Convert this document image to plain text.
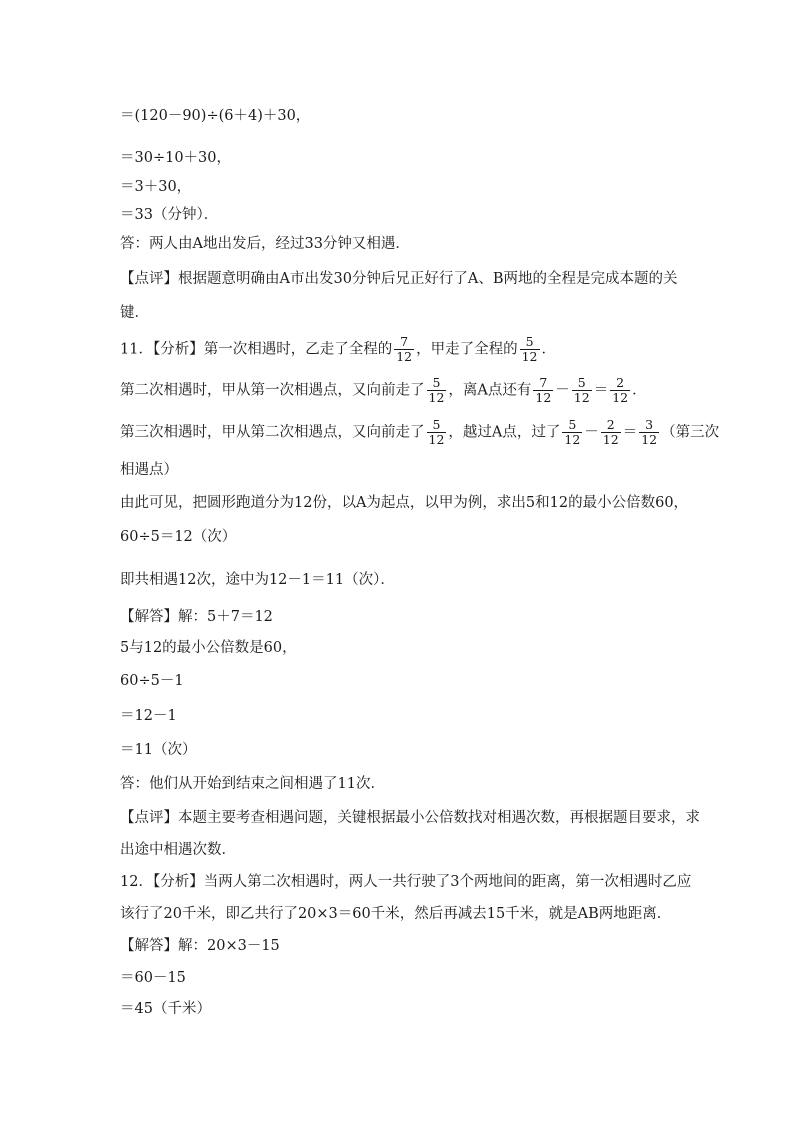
＝(120－90)÷(6＋4)＋30，
＝30÷10＋30，
＝3＋30，
＝33（分钟）．
答：两人由A地出发后，经过33分钟又相遇．
【点评】根据题意明确由A市出发30分钟后兄正好行了A、B两地的全程是完成本题的关
键．
11．【分析】第一次相遇时，乙走了全程的 $\frac{7}{12}$ ，甲走了全程的 $\frac{5}{12}$ ．
第二次相遇时，甲从第一次相遇点，又向前走了 $\frac{5}{12}$ ，离A点还有 $\frac{7}{12} - \frac{5}{12} = \frac{2}{12}$ ．
第三次相遇时，甲从第二次相遇点，又向前走了 $\frac{5}{12}$ ，越过A点，过了 $\frac{5}{12} - \frac{2}{12} = \frac{3}{12}$ （第三次
相遇点）
由此可见，把圆形跑道分为12份，以A为起点，以甲为例，求出5和12的最小公倍数60，
60÷5＝12（次）
即共相遇12次，途中为12－1＝11（次）．
【解答】解：5＋7＝12
5与12的最小公倍数是60，
60÷5－1
＝12－1
＝11（次）
答：他们从开始到结束之间相遇了11次．
【点评】本题主要考查相遇问题，关键根据最小公倍数找对相遇次数，再根据题目要求，求
出途中相遇次数．
12．【分析】当两人第二次相遇时，两人一共行驶了3个两地间的距离，第一次相遇时乙应
该行了20千米，即乙共行了20×3＝60千米，然后再减去15千米，就是AB两地距离．
【解答】解：20×3－15
＝60－15
＝45（千米）
